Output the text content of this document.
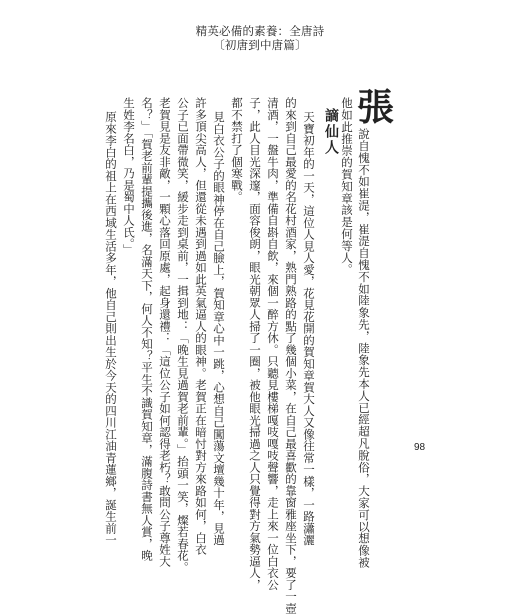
精英必備的素養：全唐詩
〔初唐到中唐篇〕
張
說自愧不如崔湜，崔湜自愧不如陸象先，陸象先本人已經超凡脫俗，大家可以想像被
他如此推崇的賀知章該是何等人。
謫仙人
天寶初年的一天，這位人見人愛，花見花開的賀知章賀大人又像往常一樣，一路瀟灑
的來到自己最愛的名花村酒家，熟門熟路的點了幾個小菜，在自己最喜歡的靠窗雅座坐下，要了一壺
清酒，一盤牛肉，準備自斟自飲，來個一醉方休。只聽見樓梯嘎吱嘎吱聲響，走上來一位白衣公
子，此人目光深邃，面容俊朗，眼光朝眾人掃了一圈，被他眼光掃過之人只覺得對方氣勢逼人，
都不禁打了個寒戰。
見白衣公子的眼神停在自己臉上，賀知章心中一跳，心想自己闖蕩文壇幾十年，見過
許多頂尖高人，但還從未遇到過如此英氣逼人的眼神。老賀正在暗忖對方來路如何，白衣
公子已面帶微笑，緩步走到桌前，一揖到地：「晚生見過賀老前輩。」抬頭一笑，燦若春花。
老賀見是友非敵，一顆心落回原處，起身還禮：「這位公子如何認得老朽？敢問公子尊姓大
名？」「賀老前輩提攜後進，名滿天下，何人不知？平生不識賀知章，滿腹詩書無人賞，晚
生姓李名白，乃是蜀中人氏。」
原來李白的祖上在西域生活多年，他自己則出生於今天的四川江油青蓮鄉，誕生前一	98
